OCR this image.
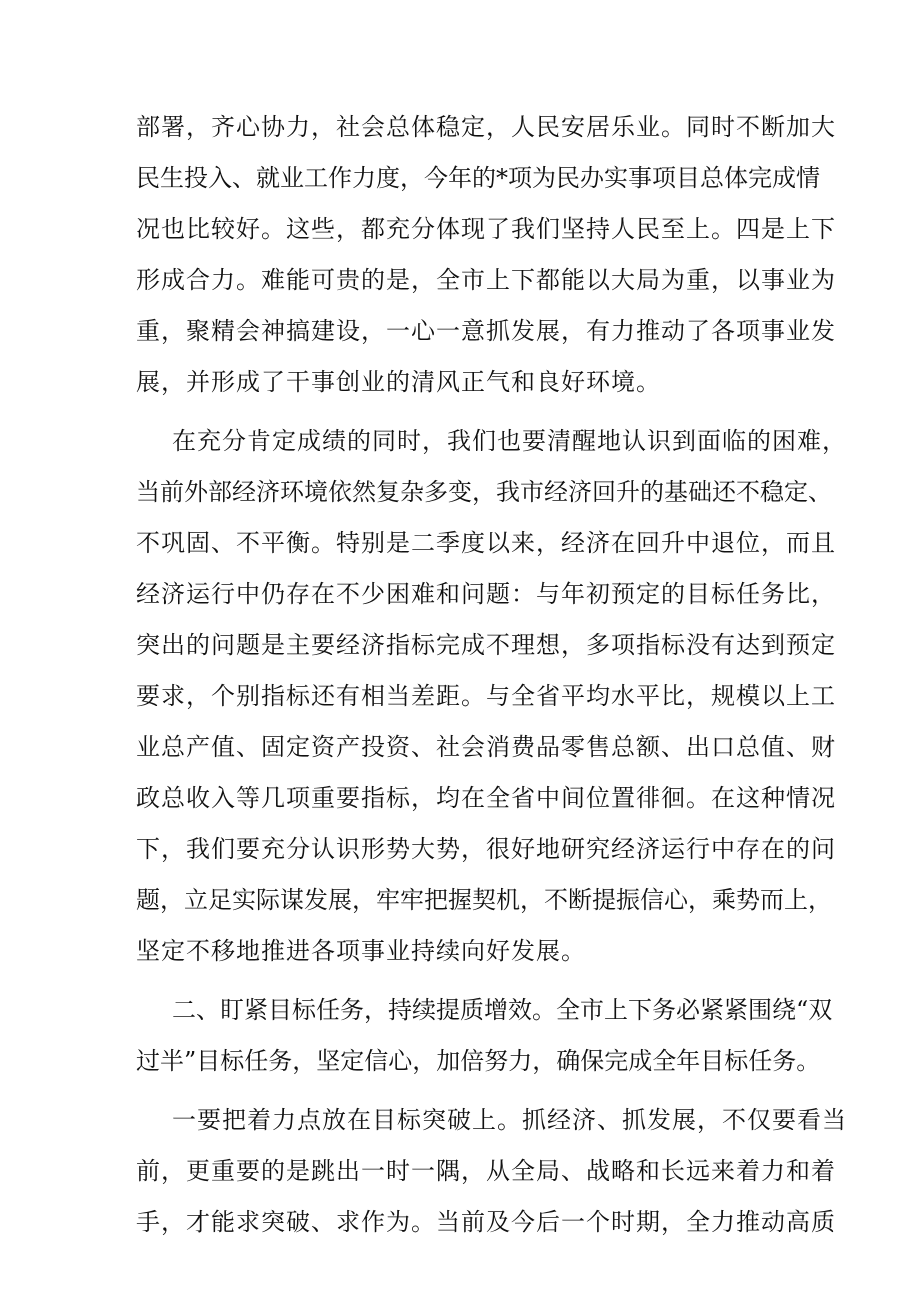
部署，齐心协力，社会总体稳定，人民安居乐业。同时不断加大
民生投入、就业工作力度，今年的*项为民办实事项目总体完成情
况也比较好。这些，都充分体现了我们坚持人民至上。四是上下
形成合力。难能可贵的是，全市上下都能以大局为重，以事业为
重，聚精会神搞建设，一心一意抓发展，有力推动了各项事业发
展，并形成了干事创业的清风正气和良好环境。
在充分肯定成绩的同时，我们也要清醒地认识到面临的困难，
当前外部经济环境依然复杂多变，我市经济回升的基础还不稳定、
不巩固、不平衡。特别是二季度以来，经济在回升中退位，而且
经济运行中仍存在不少困难和问题：与年初预定的目标任务比，
突出的问题是主要经济指标完成不理想，多项指标没有达到预定
要求，个别指标还有相当差距。与全省平均水平比，规模以上工
业总产值、固定资产投资、社会消费品零售总额、出口总值、财
政总收入等几项重要指标，均在全省中间位置徘徊。在这种情况
下，我们要充分认识形势大势，很好地研究经济运行中存在的问
题，立足实际谋发展，牢牢把握契机，不断提振信心，乘势而上，
坚定不移地推进各项事业持续向好发展。
二、盯紧目标任务，持续提质增效。全市上下务必紧紧围绕“双
过半”目标任务，坚定信心，加倍努力，确保完成全年目标任务。
一要把着力点放在目标突破上。抓经济、抓发展，不仅要看当
前，更重要的是跳出一时一隅，从全局、战略和长远来着力和着
手，才能求突破、求作为。当前及今后一个时期，全力推动高质
